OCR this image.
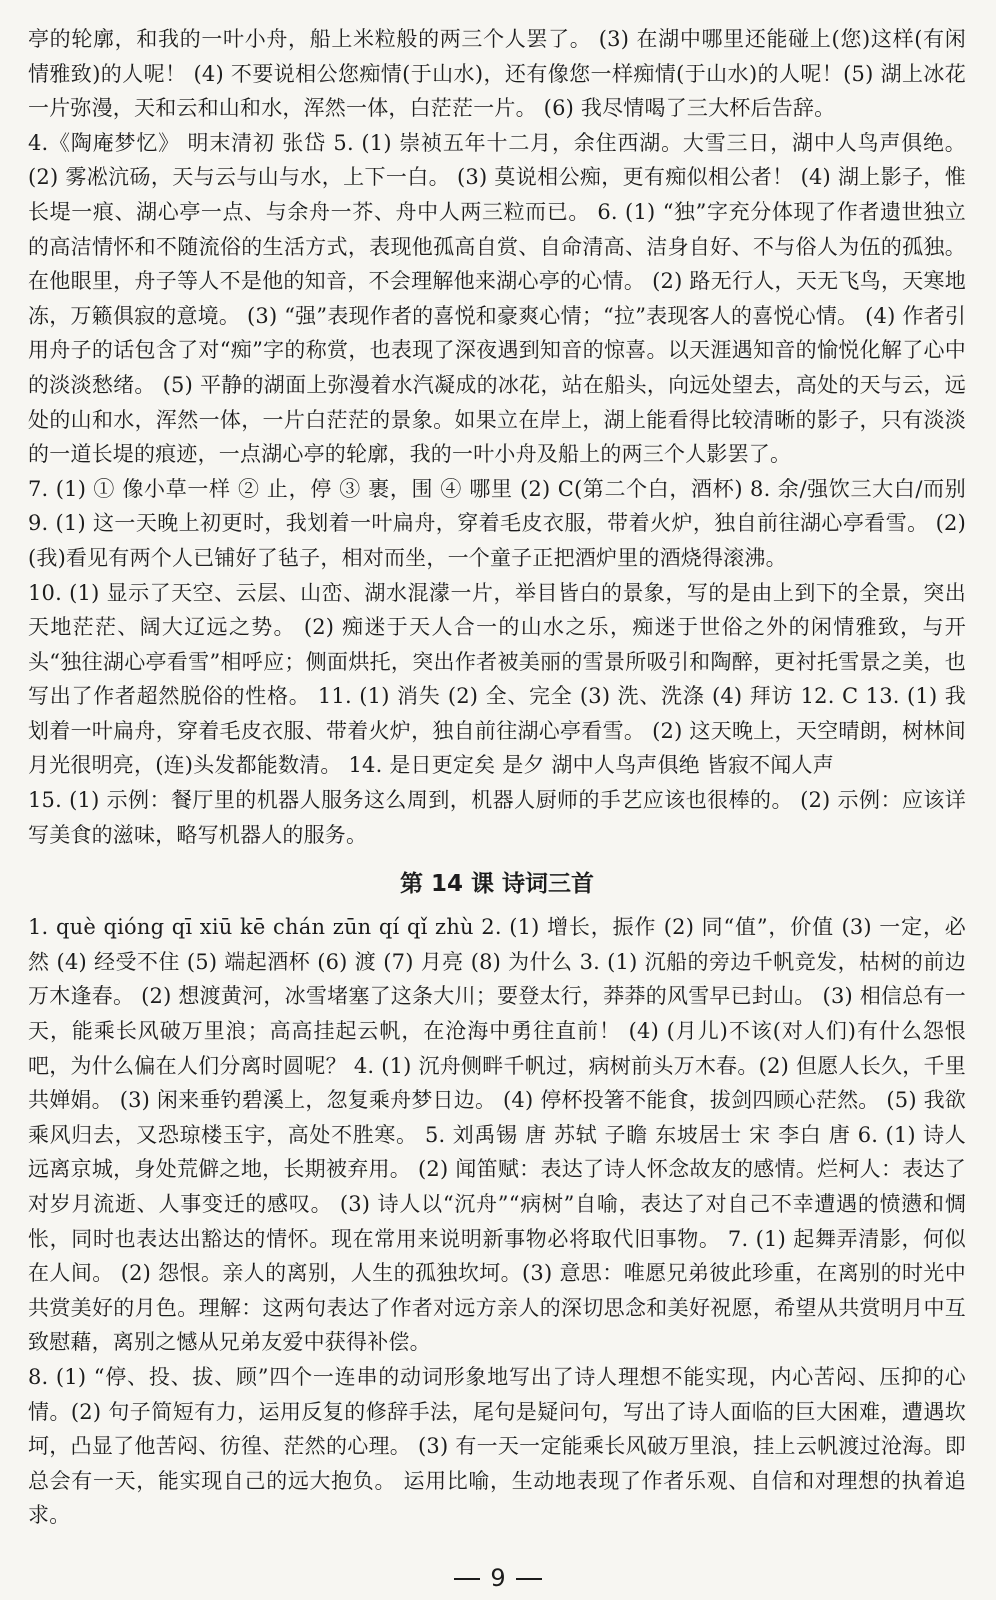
亭的轮廓，和我的一叶小舟，船上米粒般的两三个人罢了。 (3) 在湖中哪里还能碰上(您)这样(有闲情雅致)的人呢！ (4) 不要说相公您痴情(于山水)，还有像您一样痴情(于山水)的人呢！(5) 湖上冰花一片弥漫，天和云和山和水，浑然一体，白茫茫一片。 (6) 我尽情喝了三大杯后告辞。

4.《陶庵梦忆》 明末清初 张岱 5. (1) 崇祯五年十二月，余住西湖。大雪三日，湖中人鸟声俱绝。(2) 雾凇沆砀，天与云与山与水，上下一白。 (3) 莫说相公痴，更有痴似相公者！ (4) 湖上影子，惟长堤一痕、湖心亭一点、与余舟一芥、舟中人两三粒而已。 6. (1) “独”字充分体现了作者遗世独立的高洁情怀和不随流俗的生活方式，表现他孤高自赏、自命清高、洁身自好、不与俗人为伍的孤独。在他眼里，舟子等人不是他的知音，不会理解他来湖心亭的心情。 (2) 路无行人，天无飞鸟，天寒地冻，万籁俱寂的意境。 (3) “强”表现作者的喜悦和豪爽心情；“拉”表现客人的喜悦心情。 (4) 作者引用舟子的话包含了对“痴”字的称赏，也表现了深夜遇到知音的惊喜。以天涯遇知音的愉悦化解了心中的淡淡愁绪。 (5) 平静的湖面上弥漫着水汽凝成的冰花，站在船头，向远处望去，高处的天与云，远处的山和水，浑然一体，一片白茫茫的景象。如果立在岸上，湖上能看得比较清晰的影子，只有淡淡的一道长堤的痕迹，一点湖心亭的轮廓，我的一叶小舟及船上的两三个人影罢了。

7. (1) ① 像小草一样 ② 止，停 ③ 裹，围 ④ 哪里 (2) C(第二个白，酒杯) 8. 余/强饮三大白/而别 9. (1) 这一天晚上初更时，我划着一叶扁舟，穿着毛皮衣服，带着火炉，独自前往湖心亭看雪。 (2) (我)看见有两个人已铺好了毡子，相对而坐，一个童子正把酒炉里的酒烧得滚沸。

10. (1) 显示了天空、云层、山峦、湖水混濛一片，举目皆白的景象，写的是由上到下的全景，突出天地茫茫、阔大辽远之势。 (2) 痴迷于天人合一的山水之乐，痴迷于世俗之外的闲情雅致，与开头“独往湖心亭看雪”相呼应；侧面烘托，突出作者被美丽的雪景所吸引和陶醉，更衬托雪景之美，也写出了作者超然脱俗的性格。 11. (1) 消失 (2) 全、完全 (3) 洗、洗涤 (4) 拜访 12. C 13. (1) 我划着一叶扁舟，穿着毛皮衣服、带着火炉，独自前往湖心亭看雪。 (2) 这天晚上，天空晴朗，树林间月光很明亮，(连)头发都能数清。 14. 是日更定矣 是夕 湖中人鸟声俱绝 皆寂不闻人声

15. (1) 示例：餐厅里的机器人服务这么周到，机器人厨师的手艺应该也很棒的。 (2) 示例：应该详写美食的滋味，略写机器人的服务。

第 14 课 诗词三首

1. què qióng qī xiū kē chán zūn qí qǐ zhù 2. (1) 增长，振作 (2) 同“值”，价值 (3) 一定，必然 (4) 经受不住 (5) 端起酒杯 (6) 渡 (7) 月亮 (8) 为什么 3. (1) 沉船的旁边千帆竞发，枯树的前边万木逢春。 (2) 想渡黄河，冰雪堵塞了这条大川；要登太行，莽莽的风雪早已封山。 (3) 相信总有一天，能乘长风破万里浪；高高挂起云帆，在沧海中勇往直前！ (4) (月儿)不该(对人们)有什么怨恨吧，为什么偏在人们分离时圆呢？ 4. (1) 沉舟侧畔千帆过，病树前头万木春。(2) 但愿人长久，千里共婵娟。 (3) 闲来垂钓碧溪上，忽复乘舟梦日边。 (4) 停杯投箸不能食，拔剑四顾心茫然。 (5) 我欲乘风归去，又恐琼楼玉宇，高处不胜寒。 5. 刘禹锡 唐 苏轼 子瞻 东坡居士 宋 李白 唐 6. (1) 诗人远离京城，身处荒僻之地，长期被弃用。 (2) 闻笛赋：表达了诗人怀念故友的感情。烂柯人：表达了对岁月流逝、人事变迁的感叹。 (3) 诗人以“沉舟”“病树”自喻，表达了对自己不幸遭遇的愤懑和惆怅，同时也表达出豁达的情怀。现在常用来说明新事物必将取代旧事物。 7. (1) 起舞弄清影，何似在人间。 (2) 怨恨。亲人的离别，人生的孤独坎坷。(3) 意思：唯愿兄弟彼此珍重，在离别的时光中共赏美好的月色。理解：这两句表达了作者对远方亲人的深切思念和美好祝愿，希望从共赏明月中互致慰藉，离别之憾从兄弟友爱中获得补偿。

8. (1) “停、投、拔、顾”四个一连串的动词形象地写出了诗人理想不能实现，内心苦闷、压抑的心情。(2) 句子简短有力，运用反复的修辞手法，尾句是疑问句，写出了诗人面临的巨大困难，遭遇坎坷，凸显了他苦闷、彷徨、茫然的心理。 (3) 有一天一定能乘长风破万里浪，挂上云帆渡过沧海。即总会有一天，能实现自己的远大抱负。 运用比喻，生动地表现了作者乐观、自信和对理想的执着追求。

9
